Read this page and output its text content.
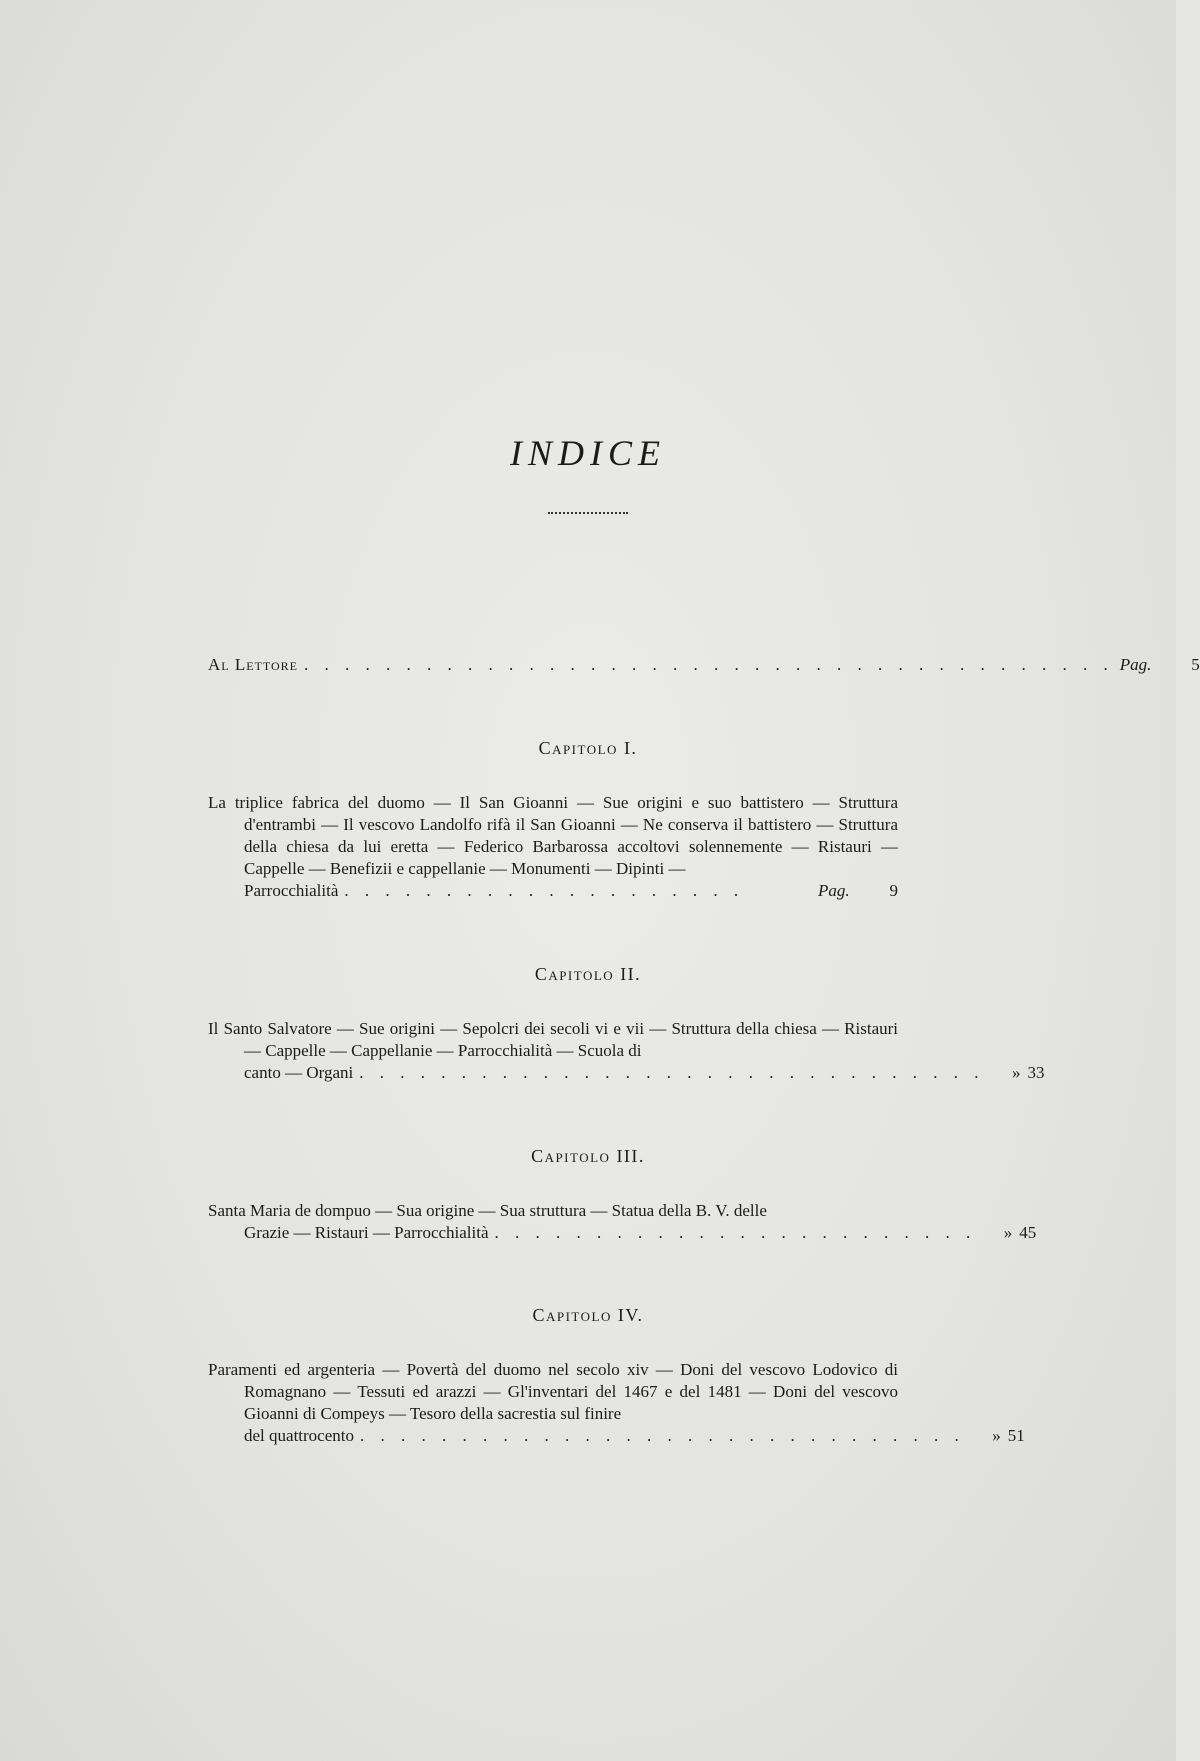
INDICE
Al Lettore . . . . . . . . . . . . . . . . . . . . . . . . . . . . . . . . . . . . . . . . Pag.	5
Capitolo I.

La triplice fabrica del duomo — Il San Gioanni — Sue origini e suo battistero — Struttura d'entrambi — Il vescovo Landolfo rifà il San Gioanni — Ne conserva il battistero — Struttura della chiesa da lui eretta — Federico Barbarossa accoltovi solennemente — Ristauri — Cappelle — Benefizii e cappellanie — Monumenti — Dipinti —

Parrocchialità . . . . . . . . . . . . . . . . . . . .	Pag.	9
Capitolo II.

Il Santo Salvatore — Sue origini — Sepolcri dei secoli vi e vii — Struttura della chiesa — Ristauri — Cappelle — Cappellanie — Parrocchialità — Scuola di

canto — Organi . . . . . . . . . . . . . . . . . . . . . . . . . . . . . . .	» 33
Capitolo III.

Santa Maria de dompuo — Sua origine — Sua struttura — Statua della B. V. delle

Grazie — Ristauri — Parrocchialità . . . . . . . . . . . . . . . . . . . . . . . .	» 45
Capitolo IV.

Paramenti ed argenteria — Povertà del duomo nel secolo xiv — Doni del vescovo Lodovico di Romagnano — Tessuti ed arazzi — Gl'inventari del 1467 e del 1481 — Doni del vescovo Gioanni di Compeys — Tesoro della sacrestia sul finire

del quattrocento . . . . . . . . . . . . . . . . . . . . . . . . . . . . . .	» 51
